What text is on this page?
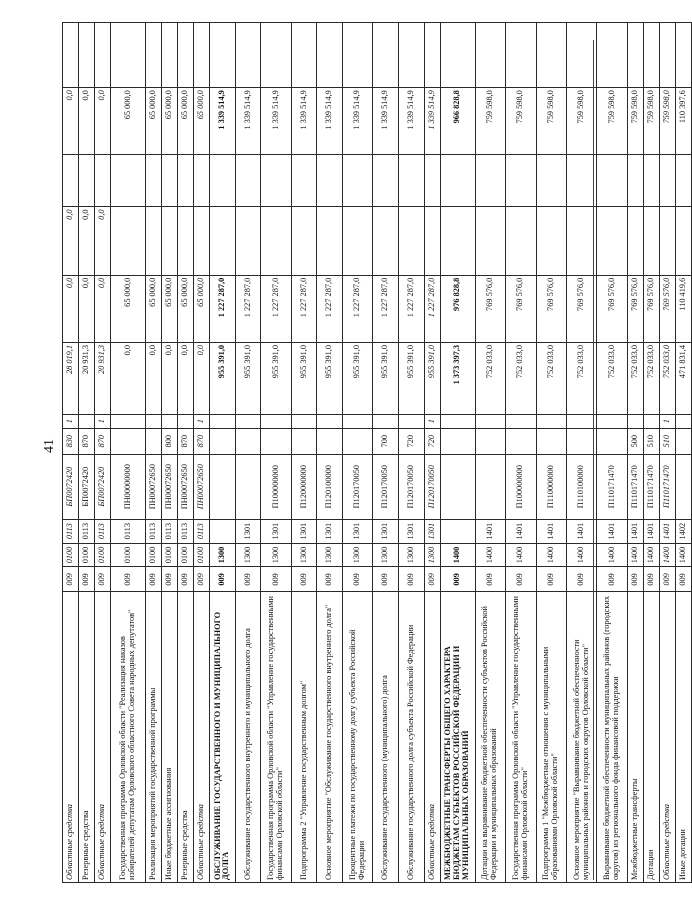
41
Областные средства	009	0100	0113	БП0072420	830	1	28 019,1	0,0	0,0		0,0	
Резервные средства	009	0100	0113	БП0072420	870		20 931,3	0,0	0,0		0,0	
Областные средства	009	0100	0113	БП0072420	870	1	20 931,3	0,0	0,0		0,0	
Государственная программа Орловской области "Реализация наказов избирателей депутатам Орловского областного Совета народных депутатов"	009	0100	0113	ПН00000000			0,0	65 000,0			65 000,0	
Реализация мероприятий государственной программы	009	0100	0113	ПН00072650			0,0	65 000,0			65 000,0	
Иные бюджетные ассигнования	009	0100	0113	ПН00072650	800		0,0	65 000,0			65 000,0	
Резервные средства	009	0100	0113	ПН00072650	870		0,0	65 000,0			65 000,0	
Областные средства	009	0100	0113	ПН00072650	870	1	0,0	65 000,0			65 000,0	
ОБСЛУЖИВАНИЕ ГОСУДАРСТВЕННОГО И МУНИЦИПАЛЬНОГО ДОЛГА	009	1300					955 391,0	1 227 287,0			1 339 514,9	
Обслуживание государственного внутреннего и муниципального долга	009	1300	1301				955 391,0	1 227 287,0			1 339 514,9	
Государственная программа Орловской области "Управление государственными финансами Орловской области"	009	1300	1301	П100000000			955 391,0	1 227 287,0			1 339 514,9	
Подпрограмма 2 "Управление государственным долгом"	009	1300	1301	П120000000			955 391,0	1 227 287,0			1 339 514,9	
Основное мероприятие "Обслуживание государственного внутреннего долга"	009	1300	1301	П120100000			955 391,0	1 227 287,0			1 339 514,9	
Процентные платежи по государственному долгу субъекта Российской Федерации	009	1300	1301	П120170050			955 391,0	1 227 287,0			1 339 514,9	
Обслуживание государственного (муниципального) долга	009	1300	1301	П120170050	700		955 391,0	1 227 287,0			1 339 514,9	
Обслуживание государственного долга субъекта Российской Федерации	009	1300	1301	П120170050	720		955 391,0	1 227 287,0			1 339 514,9	
Областные средства	009	1300	1301	П120170050	720	1	955 391,0	1 227 287,0			1 339 514,9	
МЕЖБЮДЖЕТНЫЕ ТРАНСФЕРТЫ ОБЩЕГО ХАРАКТЕРА БЮДЖЕТАМ СУБЪЕКТОВ РОССИЙСКОЙ ФЕДЕРАЦИИ И МУНИЦИПАЛЬНЫХ ОБРАЗОВАНИЙ	009	1400					1 373 397,3	976 828,8			966 828,8	
Дотации на выравнивание бюджетной обеспеченности субъектов Российской Федерации и муниципальных образований	009	1400	1401				752 033,0	769 576,0			759 598,0	
Государственная программа Орловской области "Управление государственными финансами Орловской области"	009	1400	1401	П100000000			752 033,0	769 576,0			759 598,0	
Подпрограмма 1 "Межбюджетные отношения с муниципальными образованиями Орловской области"	009	1400	1401	П110000000			752 033,0	769 576,0			759 598,0	
Основное мероприятие "Выравнивание бюджетной обеспеченности муниципальных районов и городских округов Орловской области"	009	1400	1401	П110100000			752 033,0	769 576,0			759 598,0	
Выравнивание бюджетной обеспеченности муниципальных районов (городских округов) из регионального фонда финансовой поддержки	009	1400	1401	П110171470			752 033,0	769 576,0			759 598,0	
Межбюджетные трансферты	009	1400	1401	П110171470	500		752 033,0	769 576,0			759 598,0	
Дотации	009	1400	1401	П110171470	510		752 033,0	769 576,0			759 598,0	
Областные средства	009	1400	1401	П110171470	510	1	752 033,0	769 576,0			759 598,0	
Иные дотации	009	1400	1402				471 831,4	110 419,6			110 397,6	
